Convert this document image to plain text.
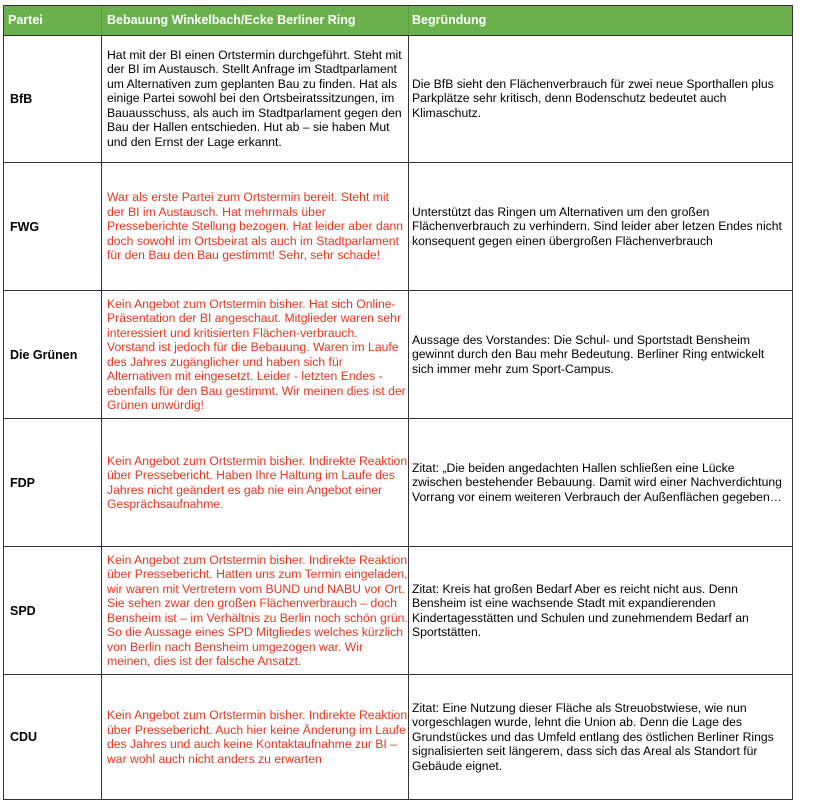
Partei	Bebauung Winkelbach/Ecke Berliner Ring	Begründung
BfB
Hat mit der BI einen Ortstermin durchgeführt. Steht mit der BI im Austausch. Stellt Anfrage im Stadtparlament um Alternativen zum geplanten Bau zu finden. Hat als einige Partei sowohl bei den Ortsbeiratssitzungen, im Bauausschuss, als auch im Stadtparlament gegen den Bau der Hallen entschieden. Hut ab – sie haben Mut und den Ernst der Lage erkannt.
Die BfB sieht den Flächenverbrauch für zwei neue Sporthallen plus Parkplätze sehr kritisch, denn Bodenschutz bedeutet auch Klimaschutz.
FWG
War als erste Partei zum Ortstermin bereit. Steht mit der BI im Austausch. Hat mehrmals über Presseberichte Stellung bezogen. Hat leider aber dann doch sowohl im Ortsbeirat als auch im Stadtparlament für den Bau den Bau gestimmt! Sehr, sehr schade!
Unterstützt das Ringen um Alternativen um den großen Flächenverbrauch zu verhindern. Sind leider aber letzen Endes nicht konsequent gegen einen übergroßen Flächenverbrauch
Die Grünen
Kein Angebot zum Ortstermin bisher. Hat sich Online-Präsentation der BI angeschaut. Mitglieder waren sehr interessiert und kritisierten Flächen-verbrauch. Vorstand ist jedoch für die Bebauung. Waren im Laufe des Jahres zugänglicher und haben sich für Alternativen mit eingesetzt. Leider - letzten Endes - ebenfalls für den Bau gestimmt. Wir meinen dies ist der Grünen unwürdig!
Aussage des Vorstandes: Die Schul- und Sportstadt Bensheim gewinnt durch den Bau mehr Bedeutung. Berliner Ring entwickelt sich immer mehr zum Sport-Campus.
FDP
Kein Angebot zum Ortstermin bisher. Indirekte Reaktion über Pressebericht. Haben Ihre Haltung im Laufe des Jahres nicht geändert es gab nie ein Angebot einer Gesprächsaufnahme.
Zitat: „Die beiden angedachten Hallen schließen eine Lücke zwischen bestehender Bebauung. Damit wird einer Nachverdichtung Vorrang vor einem weiteren Verbrauch der Außenflächen gegeben…
SPD
Kein Angebot zum Ortstermin bisher. Indirekte Reaktion über Pressebericht. Hatten uns zum Termin eingeladen, wir waren mit Vertretern vom BUND und NABU vor Ort. Sie sehen zwar den großen Flächenverbrauch – doch Bensheim ist – im Verhältnis zu Berlin noch schön grün. So die Aussage eines SPD Mitgliedes welches kürzlich von Berlin nach Bensheim umgezogen war. Wir meinen, dies ist der falsche Ansatzt.
Zitat: Kreis hat großen Bedarf Aber es reicht nicht aus. Denn Bensheim ist eine wachsende Stadt mit expandierenden Kindertagesstätten und Schulen und zunehmendem Bedarf an Sportstätten.
CDU
Kein Angebot zum Ortstermin bisher. Indirekte Reaktion über Pressebericht. Auch hier keine Änderung im Laufe des Jahres und auch keine Kontaktaufnahme zur BI – war wohl auch nicht anders zu erwarten
Zitat: Eine Nutzung dieser Fläche als Streuobstwiese, wie nun vorgeschlagen wurde, lehnt die Union ab. Denn die Lage des Grundstückes und das Umfeld entlang des östlichen Berliner Rings signalisierten seit längerem, dass sich das Areal als Standort für Gebäude eignet.
